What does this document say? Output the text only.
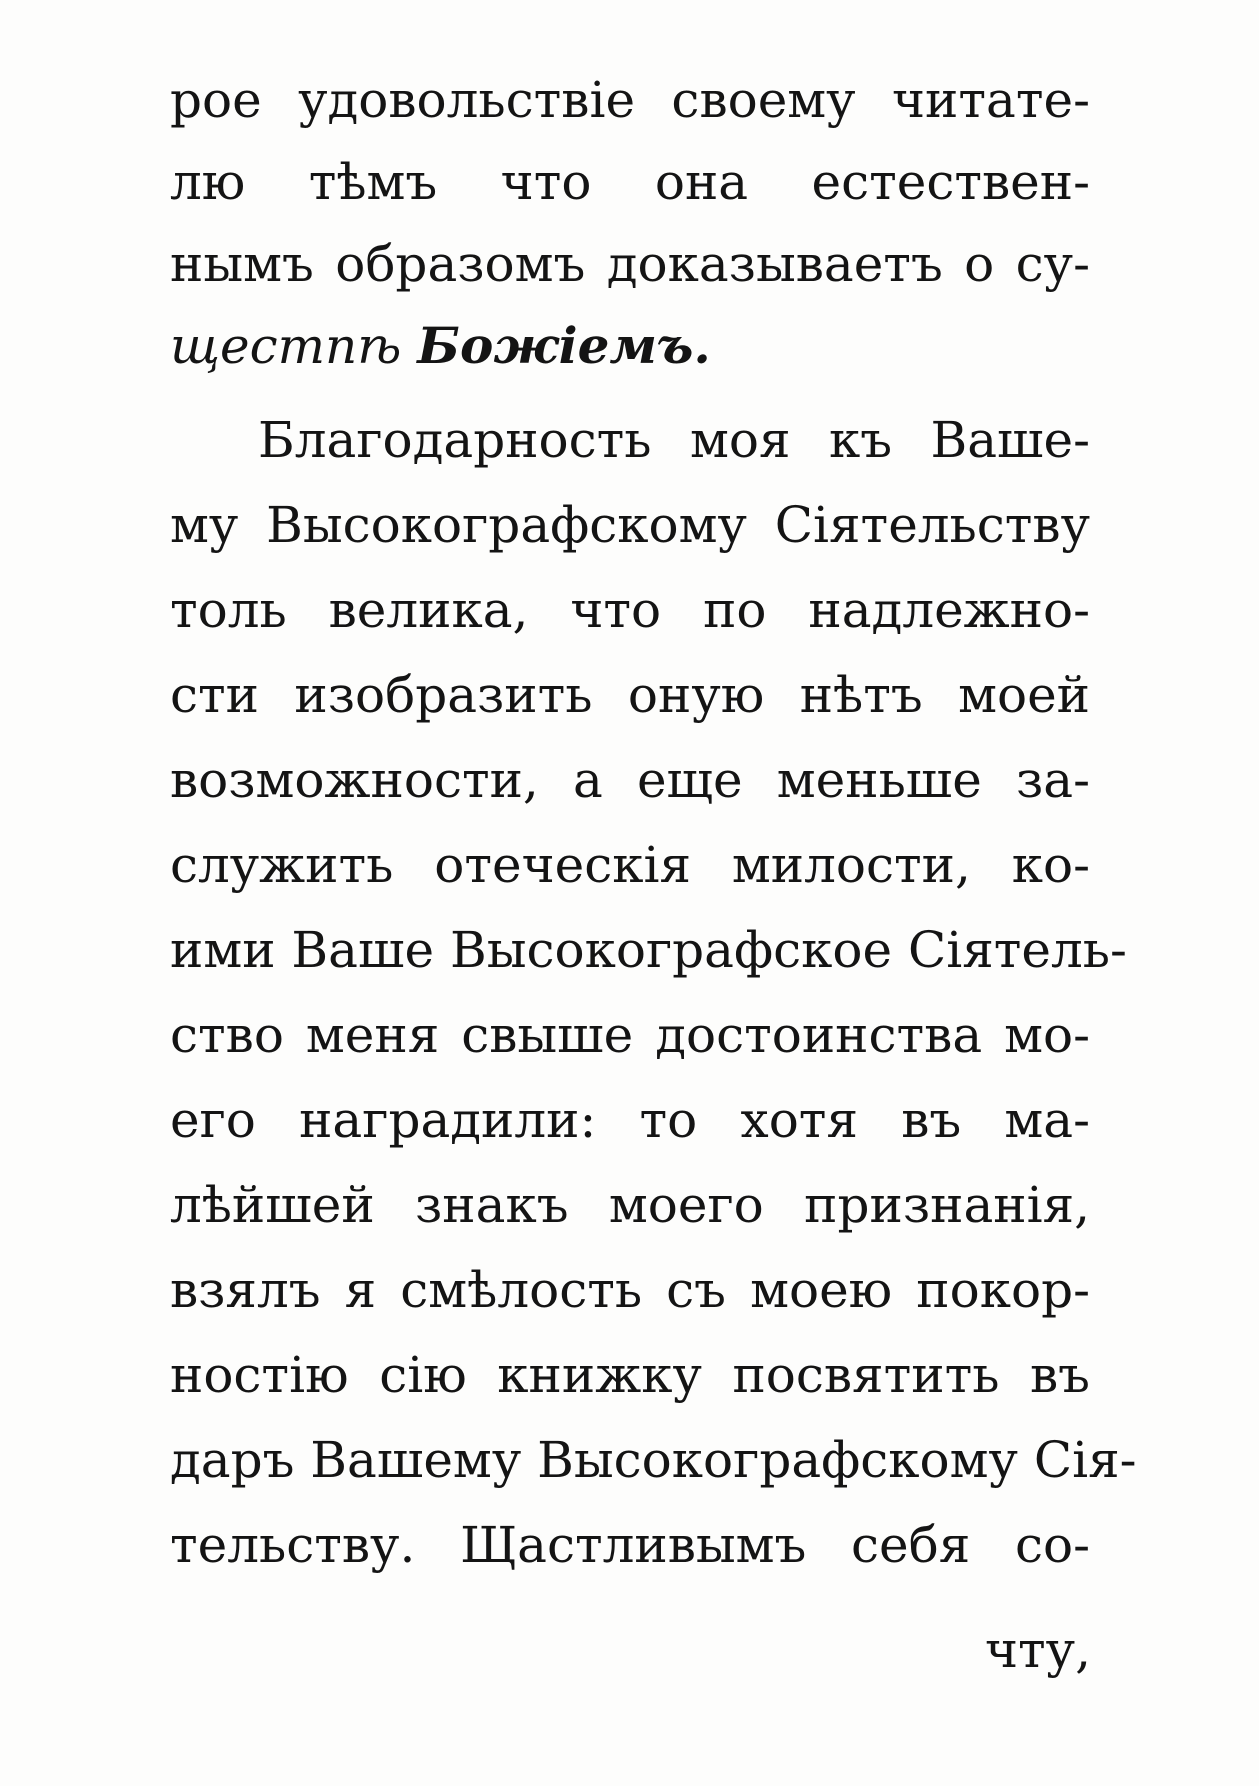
рое удовольствіе своему читате-
лю тѣмъ что она естествен-
нымъ образомъ доказываетъ о су-
щестпѣ Божіемъ.
Благодарность моя къ Ваше-
му Высокографскому Сіятельству
толь велика, что по надлежно-
сти изобразить оную нѣтъ моей
возможности, а еще меньше за-
служить отеческія милости, ко-
ими Ваше Высокографское Сіятель-
ство меня свыше достоинства мо-
его наградили: то хотя въ ма-
лѣйшей знакъ моего признанія,
взялъ я смѣлость съ моею покор-
ностію сію книжку посвятить въ
даръ Вашему Высокографскому Сія-
тельству. Щастливымъ себя со-
чту,
